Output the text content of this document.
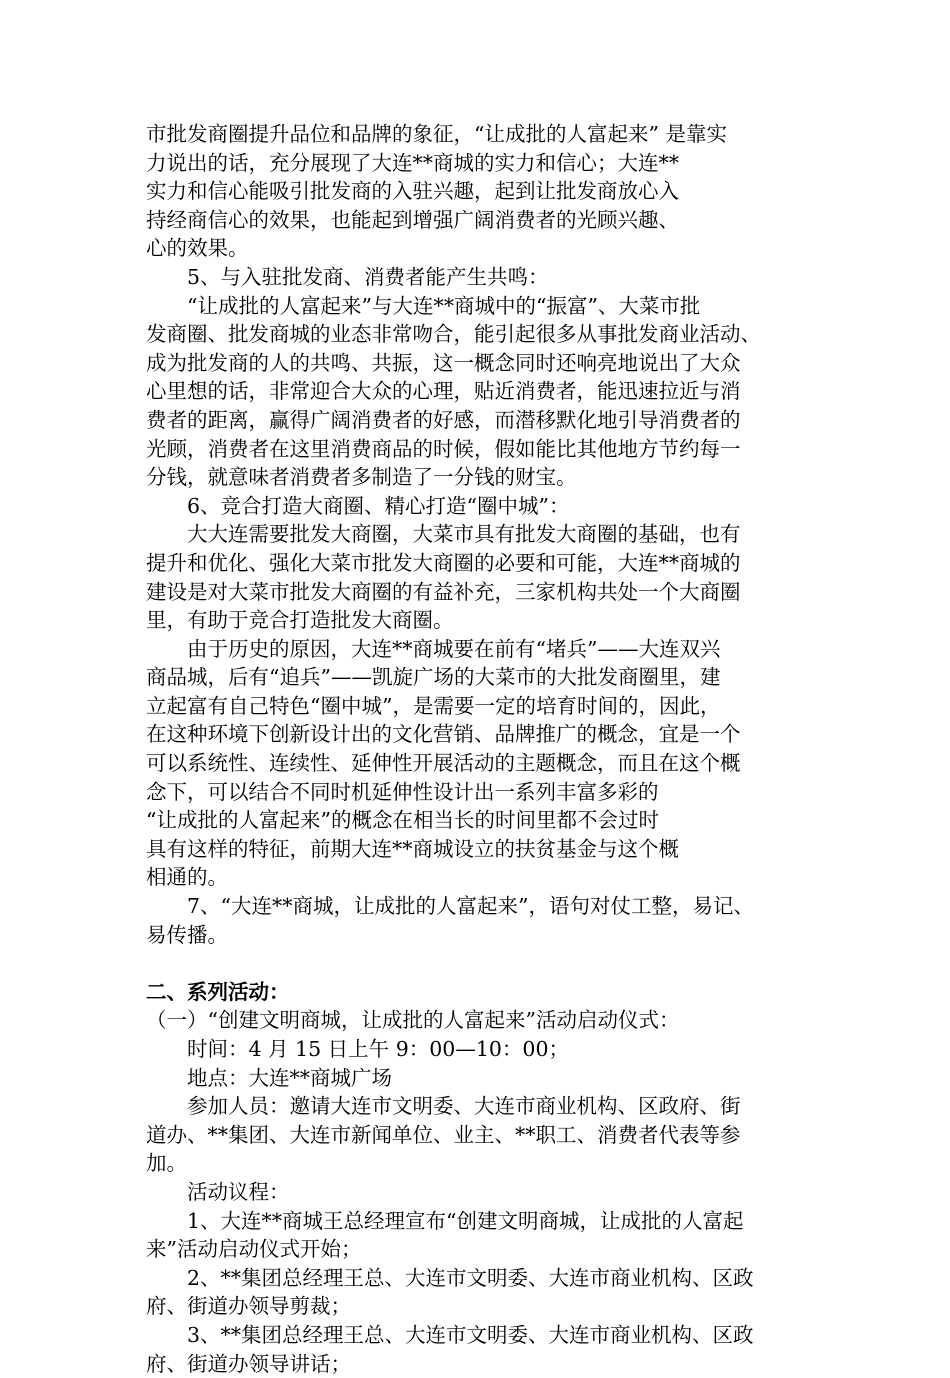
市批发商圈提升品位和品牌的象征，“让成批的人富起来” 是靠实
力说出的话，充分展现了大连**商城的实力和信心；大连**
实力和信心能吸引批发商的入驻兴趣，起到让批发商放心入
持经商信心的效果，也能起到增强广阔消费者的光顾兴趣、
心的效果。
5、与入驻批发商、消费者能产生共鸣：
“让成批的人富起来”与大连**商城中的“振富”、大菜市批
发商圈、批发商城的业态非常吻合，能引起很多从事批发商业活动、
成为批发商的人的共鸣、共振，这一概念同时还响亮地说出了大众
心里想的话，非常迎合大众的心理，贴近消费者，能迅速拉近与消
费者的距离，赢得广阔消费者的好感，而潜移默化地引导消费者的
光顾，消费者在这里消费商品的时候，假如能比其他地方节约每一
分钱，就意味者消费者多制造了一分钱的财宝。
6、竞合打造大商圈、精心打造“圈中城”：
大大连需要批发大商圈，大菜市具有批发大商圈的基础，也有
提升和优化、强化大菜市批发大商圈的必要和可能，大连**商城的
建设是对大菜市批发大商圈的有益补充，三家机构共处一个大商圈
里，有助于竞合打造批发大商圈。
由于历史的原因，大连**商城要在前有“堵兵”——大连双兴
商品城，后有“追兵”——凯旋广场的大菜市的大批发商圈里，建
立起富有自己特色“圈中城”，是需要一定的培育时间的，因此，
在这种环境下创新设计出的文化营销、品牌推广的概念，宜是一个
可以系统性、连续性、延伸性开展活动的主题概念，而且在这个概
念下，可以结合不同时机延伸性设计出一系列丰富多彩的
“让成批的人富起来”的概念在相当长的时间里都不会过时
具有这样的特征，前期大连**商城设立的扶贫基金与这个概
相通的。
7、“大连**商城，让成批的人富起来”，语句对仗工整，易记、
易传播。
二、系列活动：
（一）“创建文明商城，让成批的人富起来”活动启动仪式：
时间：4 月 15 日上午 9：00—10：00；
地点：大连**商城广场
参加人员：邀请大连市文明委、大连市商业机构、区政府、街
道办、**集团、大连市新闻单位、业主、**职工、消费者代表等参
加。
活动议程：
1、大连**商城王总经理宣布“创建文明商城，让成批的人富起
来”活动启动仪式开始；
2、**集团总经理王总、大连市文明委、大连市商业机构、区政
府、街道办领导剪裁；
3、**集团总经理王总、大连市文明委、大连市商业机构、区政
府、街道办领导讲话；
